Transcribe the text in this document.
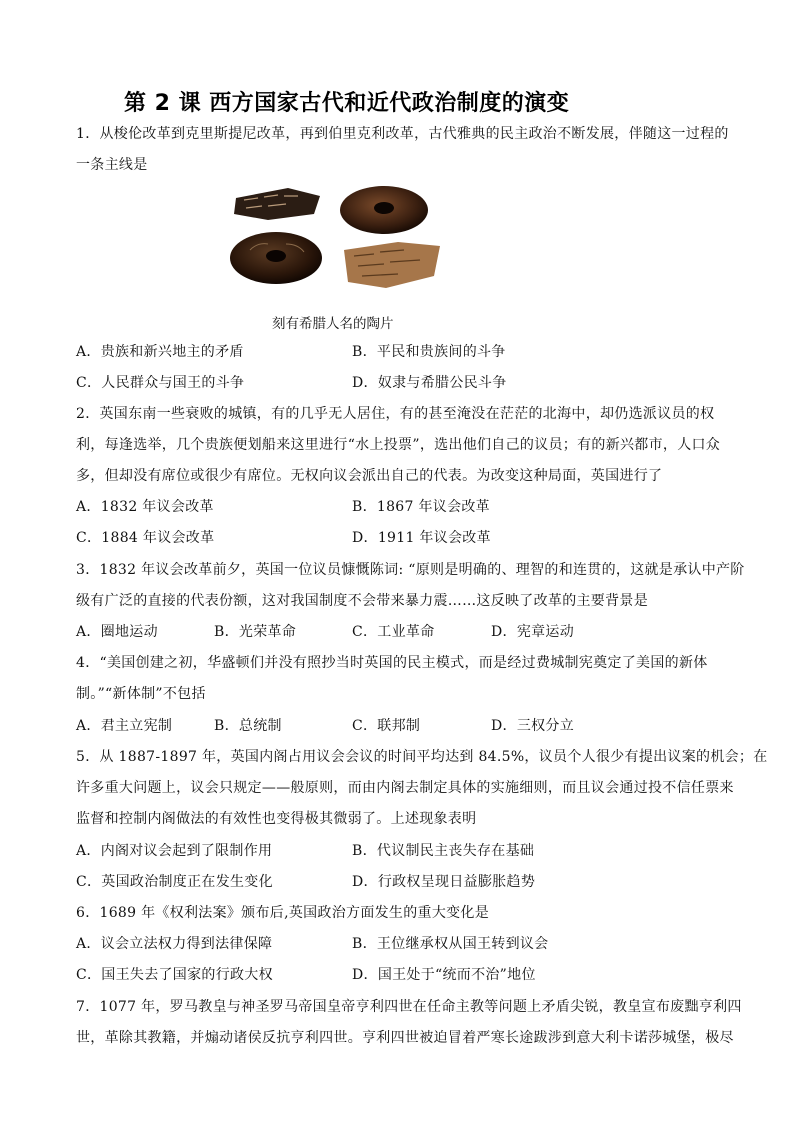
第 2 课 西方国家古代和近代政治制度的演变
1．从梭伦改革到克里斯提尼改革，再到伯里克利改革，古代雅典的民主政治不断发展，伴随这一过程的
一条主线是
刻有希腊人名的陶片
A．贵族和新兴地主的矛盾	B．平民和贵族间的斗争
C．人民群众与国王的斗争	D．奴隶与希腊公民斗争
2．英国东南一些衰败的城镇，有的几乎无人居住，有的甚至淹没在茫茫的北海中，却仍选派议员的权
利，每逢选举，几个贵族便划船来这里进行“水上投票”，选出他们自己的议员；有的新兴都市，人口众
多，但却没有席位或很少有席位。无权向议会派出自己的代表。为改变这种局面，英国进行了
A．1832 年议会改革	B．1867 年议会改革
C．1884 年议会改革	D．1911 年议会改革
3．1832 年议会改革前夕，英国一位议员慷慨陈词: “原则是明确的、理智的和连贯的，这就是承认中产阶
级有广泛的直接的代表份额，这对我国制度不会带来暴力震……这反映了改革的主要背景是
A．圈地运动	B．光荣革命	C．工业革命	D．宪章运动
4．“美国创建之初，华盛顿们并没有照抄当时英国的民主模式，而是经过费城制宪奠定了美国的新体
制。”“新体制”不包括
A．君主立宪制	B．总统制	C．联邦制	D．三权分立
5．从 1887-1897 年，英国内阁占用议会会议的时间平均达到 84.5%，议员个人很少有提出议案的机会；在
许多重大问题上，议会只规定——般原则，而由内阁去制定具体的实施细则，而且议会通过投不信任票来
监督和控制内阁做法的有效性也变得极其微弱了。上述现象表明
A．内阁对议会起到了限制作用	B．代议制民主丧失存在基础
C．英国政治制度正在发生变化	D．行政权呈现日益膨胀趋势
6．1689 年《权利法案》颁布后,英国政治方面发生的重大变化是
A．议会立法权力得到法律保障	B．王位继承权从国王转到议会
C．国王失去了国家的行政大权	D．国王处于“统而不治”地位
7．1077 年，罗马教皇与神圣罗马帝国皇帝亨利四世在任命主教等问题上矛盾尖锐，教皇宣布废黜亨利四
世，革除其教籍，并煽动诸侯反抗亨利四世。亨利四世被迫冒着严寒长途跋涉到意大利卡诺莎城堡，极尽
